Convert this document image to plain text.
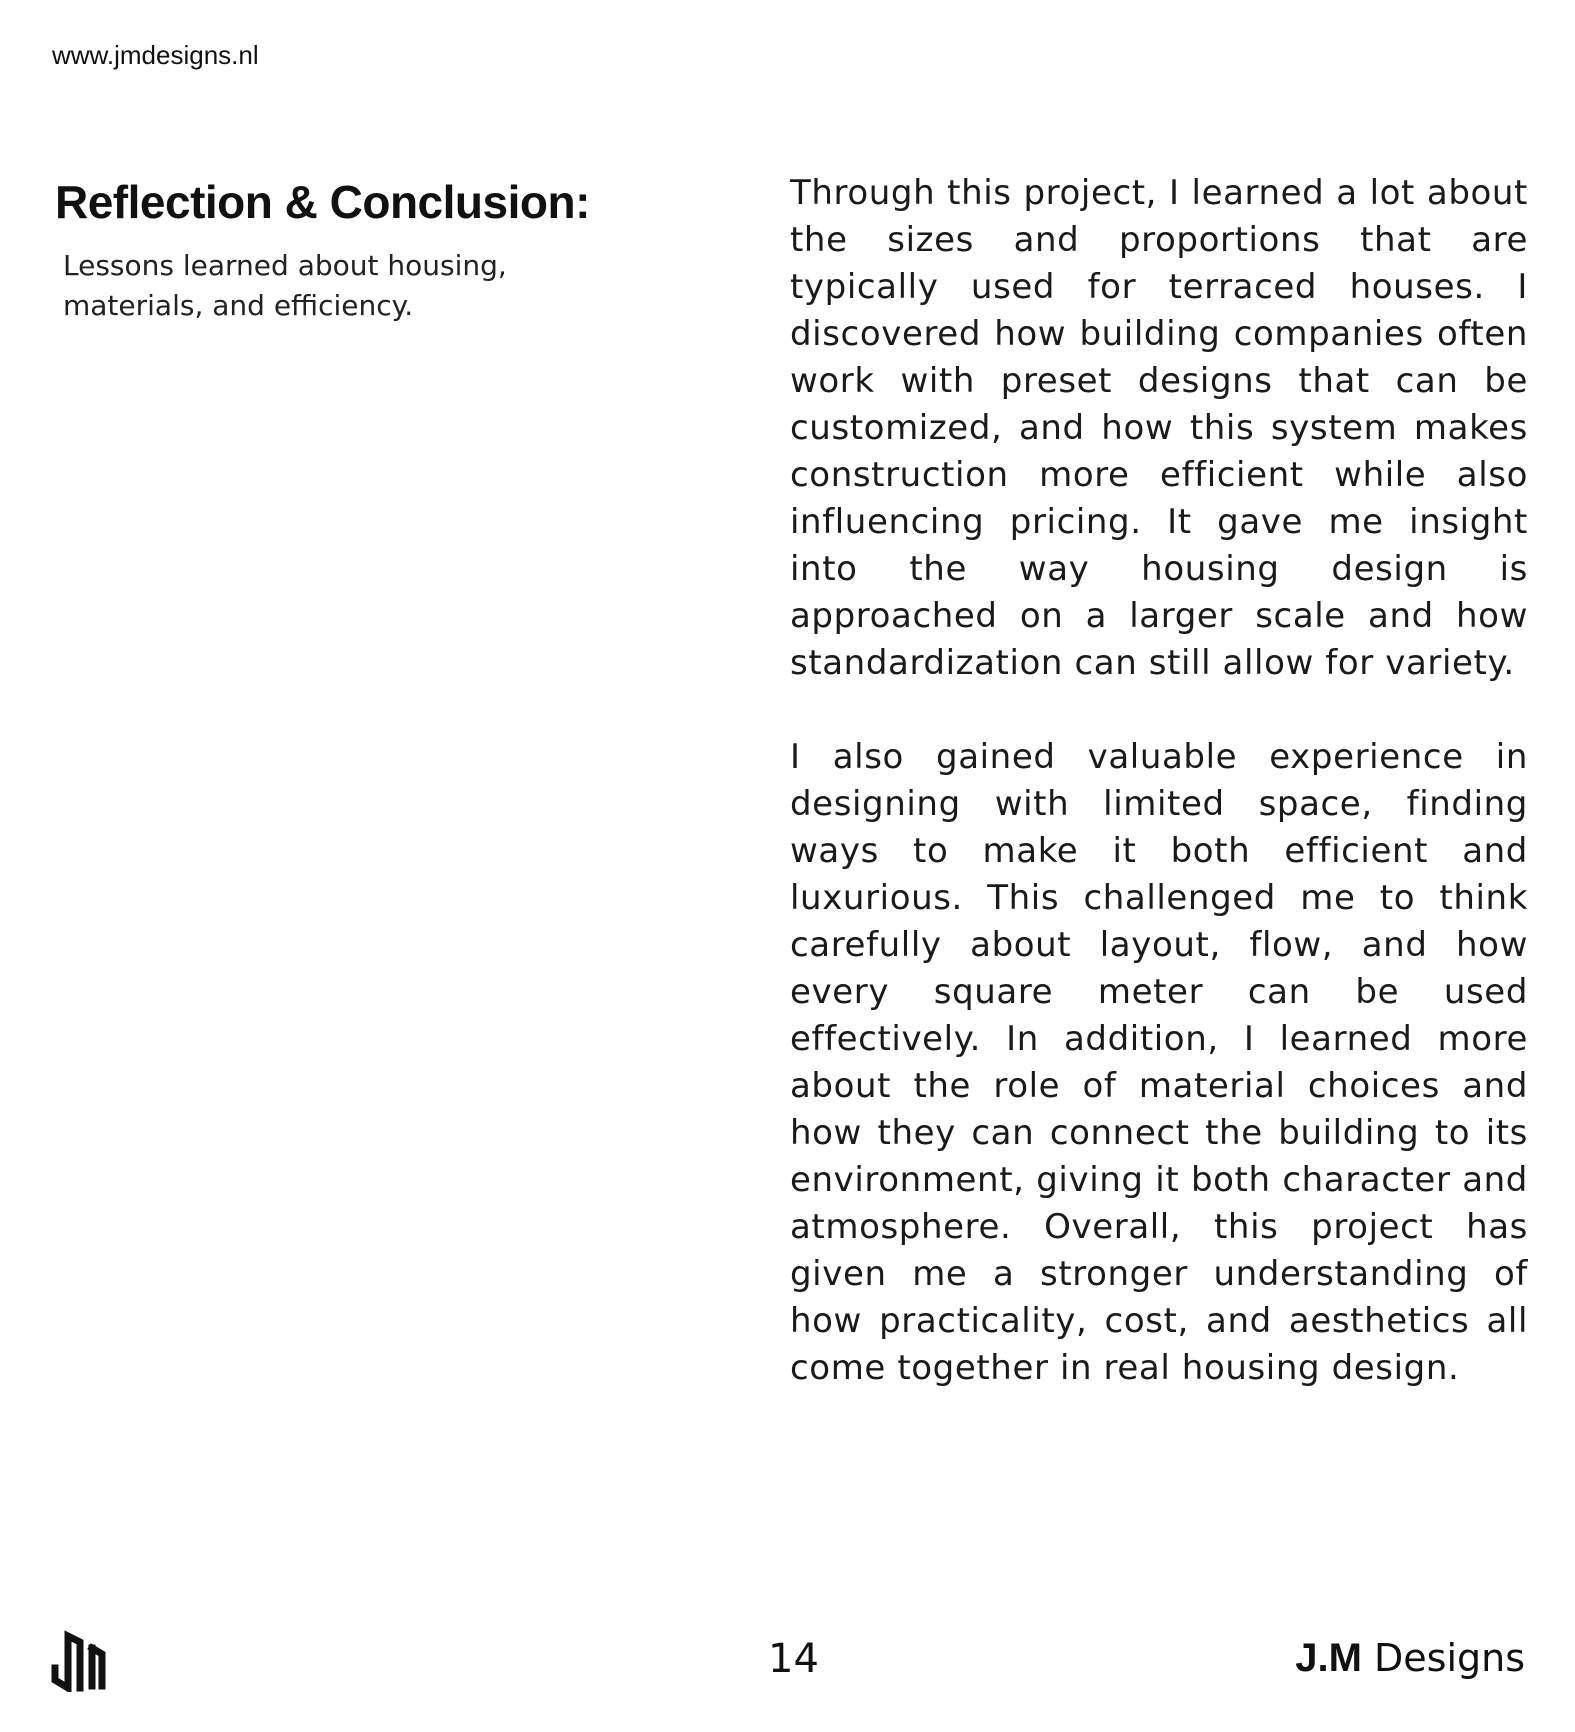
www.jmdesigns.nl
Reflection & Conclusion:

Lessons learned about housing, materials, and efficiency.

Through this project, I learned a lot about the sizes and proportions that are typically used for terraced houses. I discovered how building companies often work with preset designs that can be customized, and how this system makes construction more efficient while also influencing pricing. It gave me insight into the way housing design is approached on a larger scale and how standardization can still allow for variety.

I also gained valuable experience in designing with limited space, finding ways to make it both efficient and luxurious. This challenged me to think carefully about layout, flow, and how every square meter can be used effectively. In addition, I learned more about the role of material choices and how they can connect the building to its environment, giving it both character and atmosphere. Overall, this project has given me a stronger understanding of how practicality, cost, and aesthetics all come together in real housing design.

14	J.M Designs
